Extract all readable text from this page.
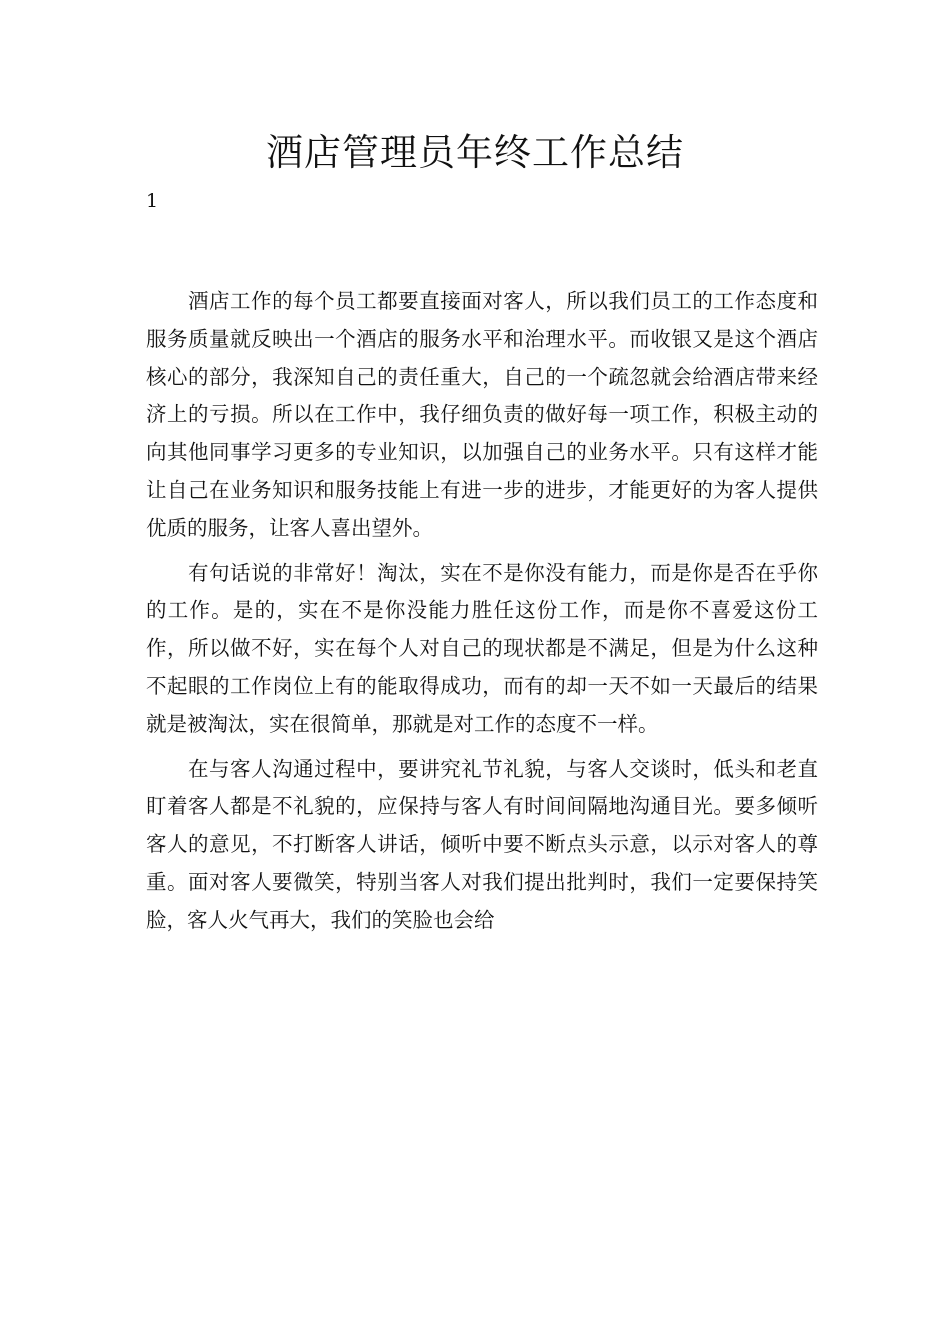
酒店管理员年终工作总结
1

酒店工作的每个员工都要直接面对客人，所以我们员工的工作态度和服务质量就反映出一个酒店的服务水平和治理水平。而收银又是这个酒店核心的部分，我深知自己的责任重大，自己的一个疏忽就会给酒店带来经济上的亏损。所以在工作中，我仔细负责的做好每一项工作，积极主动的向其他同事学习更多的专业知识，以加强自己的业务水平。只有这样才能让自己在业务知识和服务技能上有进一步的进步，才能更好的为客人提供优质的服务，让客人喜出望外。

有句话说的非常好！淘汰，实在不是你没有能力，而是你是否在乎你的工作。是的，实在不是你没能力胜任这份工作，而是你不喜爱这份工作，所以做不好，实在每个人对自己的现状都是不满足，但是为什么这种不起眼的工作岗位上有的能取得成功，而有的却一天不如一天最后的结果就是被淘汰，实在很简单，那就是对工作的态度不一样。

在与客人沟通过程中，要讲究礼节礼貌，与客人交谈时，低头和老直盯着客人都是不礼貌的，应保持与客人有时间间隔地沟通目光。要多倾听客人的意见，不打断客人讲话，倾听中要不断点头示意，以示对客人的尊重。面对客人要微笑，特别当客人对我们提出批判时，我们一定要保持笑脸，客人火气再大，我们的笑脸也会给
